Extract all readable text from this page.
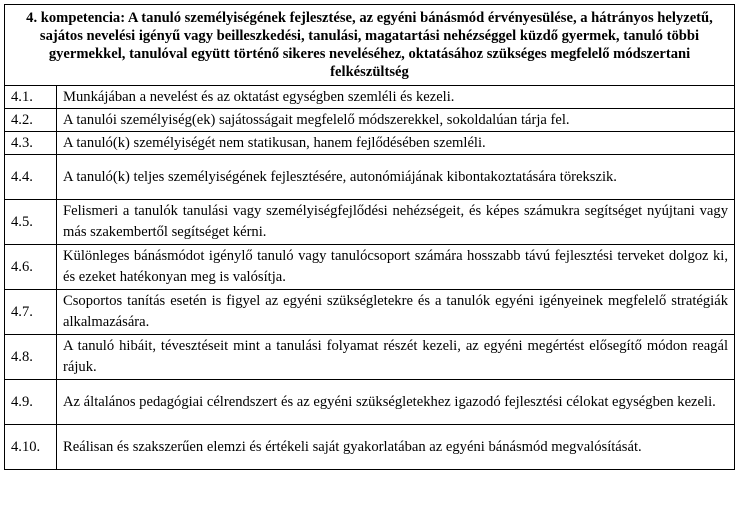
4. kompetencia: A tanuló személyiségének fejlesztése, az egyéni bánásmód érvényesülése, a hátrányos helyzetű, sajátos nevelési igényű vagy beilleszkedési, tanulási, magatartási nehézséggel küzdő gyermek, tanuló többi gyermekkel, tanulóval együtt történő sikeres neveléséhez, oktatásához szükséges megfelelő módszertani felkészültség	
4.1.	Munkájában a nevelést és az oktatást egységben szemléli és kezeli.
4.2.	A tanulói személyiség(ek) sajátosságait megfelelő módszerekkel, sokoldalúan tárja fel.
4.3.	A tanuló(k) személyiségét nem statikusan, hanem fejlődésében szemléli.
4.4.	A tanuló(k) teljes személyiségének fejlesztésére, autonómiájának kibontakoztatására törekszik.
4.5.	Felismeri a tanulók tanulási vagy személyiségfejlődési nehézségeit, és képes számukra segítséget nyújtani vagy más szakembertől segítséget kérni.
4.6.	Különleges bánásmódot igénylő tanuló vagy tanulócsoport számára hosszabb távú fejlesztési terveket dolgoz ki, és ezeket hatékonyan meg is valósítja.
4.7.	Csoportos tanítás esetén is figyel az egyéni szükségletekre és a tanulók egyéni igényeinek megfelelő stratégiák alkalmazására.
4.8.	A tanuló hibáit, tévesztéseit mint a tanulási folyamat részét kezeli, az egyéni megértést elősegítő módon reagál rájuk.
4.9.	Az általános pedagógiai célrendszert és az egyéni szükségletekhez igazodó fejlesztési célokat egységben kezeli.
4.10.	Reálisan és szakszerűen elemzi és értékeli saját gyakorlatában az egyéni bánásmód megvalósítását.
